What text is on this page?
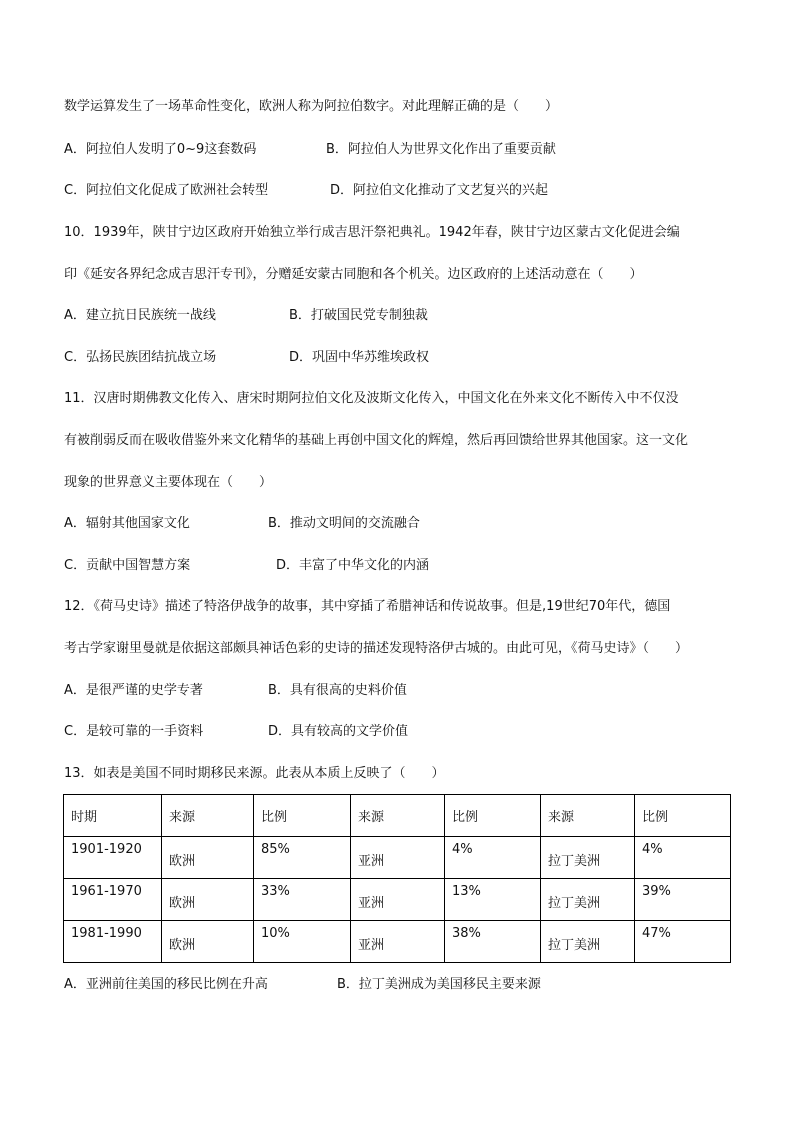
数学运算发生了一场革命性变化，欧洲人称为阿拉伯数字。对此理解正确的是（　　）
A．阿拉伯人发明了0~9这套数码	B．阿拉伯人为世界文化作出了重要贡献
C．阿拉伯文化促成了欧洲社会转型	D．阿拉伯文化推动了文艺复兴的兴起
10．1939年，陕甘宁边区政府开始独立举行成吉思汗祭祀典礼。1942年春，陕甘宁边区蒙古文化促进会编
印《延安各界纪念成吉思汗专刊》，分赠延安蒙古同胞和各个机关。边区政府的上述活动意在（　　）
A．建立抗日民族统一战线	B．打破国民党专制独裁
C．弘扬民族团结抗战立场	D．巩固中华苏维埃政权
11．汉唐时期佛教文化传入、唐宋时期阿拉伯文化及波斯文化传入，中国文化在外来文化不断传入中不仅没
有被削弱反而在吸收借鉴外来文化精华的基础上再创中国文化的辉煌，然后再回馈给世界其他国家。这一文化
现象的世界意义主要体现在（　　）
A．辐射其他国家文化	B．推动文明间的交流融合
C．贡献中国智慧方案	D．丰富了中华文化的内涵
12．《荷马史诗》描述了特洛伊战争的故事，其中穿插了希腊神话和传说故事。但是,19世纪70年代，德国
考古学家谢里曼就是依据这部颇具神话色彩的史诗的描述发现特洛伊古城的。由此可见，《荷马史诗》（　　）
A．是很严谨的史学专著	B．具有很高的史料价值
C．是较可靠的一手资料	D．具有较高的文学价值
13．如表是美国不同时期移民来源。此表从本质上反映了（　　）
时期	来源	比例	来源	比例	来源	比例

1901-1920	欧洲	85%	亚洲	4%	拉丁美洲	4%

1961-1970	欧洲	33%	亚洲	13%	拉丁美洲	39%

1981-1990	欧洲	10%	亚洲	38%	拉丁美洲	47%
A．亚洲前往美国的移民比例在升高	B．拉丁美洲成为美国移民主要来源
